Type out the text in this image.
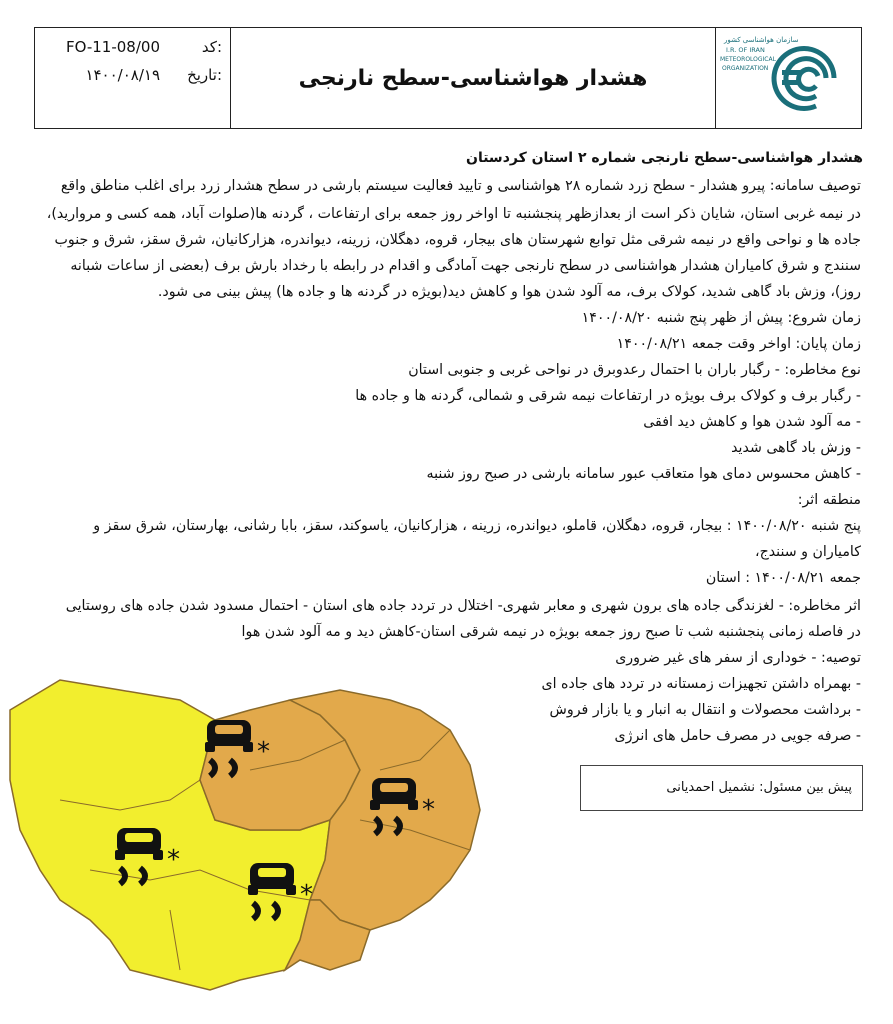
کد:
FO-11-08/00
تاریخ:
۱۴۰۰/۰۸/۱۹	هشدار هواشناسی-سطح نارنجی
سازمان هواشناسی کشور
I.R. OF IRAN
METEOROLOGICAL
ORGANIZATION
هشدار هواشناسی-سطح نارنجی شماره ۲ استان کردستان
توصیف سامانه: پیرو هشدار - سطح زرد شماره ۲۸ هواشناسی و تایید فعالیت سیستم بارشی در سطح هشدار زرد برای اغلب مناطق واقع
در نیمه غربی استان، شایان ذکر است از بعدازظهر پنجشنبه تا اواخر روز جمعه برای ارتفاعات ، گردنه ها(صلوات آباد، همه کسی و مروارید)،
جاده ها و نواحی واقع در نیمه شرقی مثل توابع شهرستان های بیجار، قروه، دهگلان، زرینه، دیواندره، هزارکانیان، شرق سقز، شرق و جنوب
سنندج و شرق کامیاران هشدار هواشناسی در سطح نارنجی جهت آمادگی و اقدام در رابطه با رخداد بارش برف (بعضی از ساعات شبانه
روز)، وزش باد گاهی شدید، کولاک برف، مه آلود شدن هوا و کاهش دید(بویژه در گردنه ها و جاده ها) پیش بینی می شود.
زمان شروع: پیش از ظهر پنج شنبه ۱۴۰۰/۰۸/۲۰
زمان پایان: اواخر وقت جمعه ۱۴۰۰/۰۸/۲۱
نوع مخاطره: - رگبار باران با احتمال رعدوبرق در نواحی غربی و جنوبی استان
- رگبار برف و کولاک برف بویژه در ارتفاعات نیمه شرقی و شمالی، گردنه ها و جاده ها
- مه آلود شدن هوا و کاهش دید افقی
- وزش باد گاهی شدید
- کاهش محسوس دمای هوا متعاقب عبور سامانه بارشی در صبح روز شنبه
منطقه اثر:
پنج شنبه ۱۴۰۰/۰۸/۲۰ : بیجار، قروه، دهگلان، قاملو، دیواندره، زرینه ، هزارکانیان، یاسوکند، سقز، بابا رشانی، بهارستان، شرق سقز و
کامیاران و سنندج،
جمعه ۱۴۰۰/۰۸/۲۱ : استان
اثر مخاطره: - لغزندگی جاده های برون شهری و معابر شهری- اختلال در تردد جاده های استان - احتمال مسدود شدن جاده های روستایی
در فاصله زمانی پنجشنبه شب تا صبح روز جمعه بویژه در نیمه شرقی استان-کاهش دید و مه آلود شدن هوا
توصیه: - خوداری از سفر های غیر ضروری
- بهمراه داشتن تجهیزات زمستانه در تردد های جاده ای
- برداشت محصولات و انتقال به انبار و یا بازار فروش
- صرفه جویی در مصرف حامل های انرژی
پیش بین مسئول: نشمیل احمدیانی
*
*
*
*
